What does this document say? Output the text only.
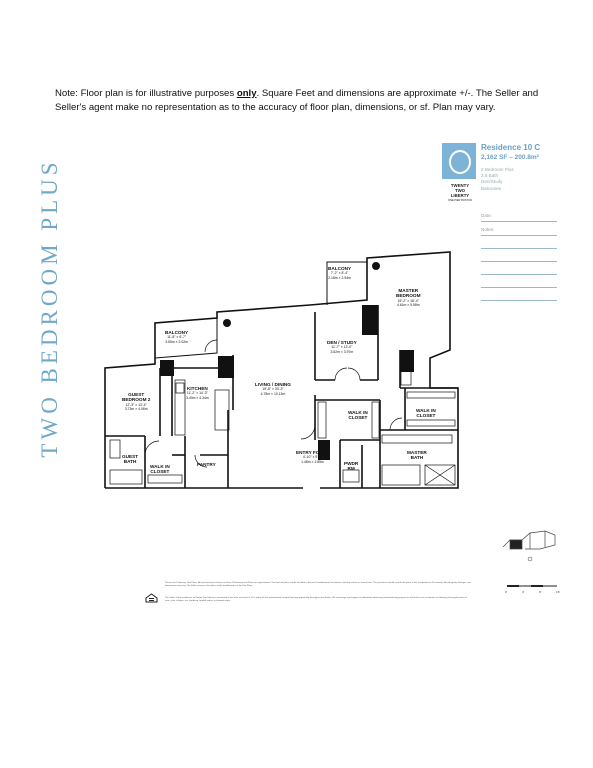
Note: Floor plan is for illustrative purposes only. Square Feet and dimensions are approximate +/-. The Seller and Seller's agent make no representation as to the accuracy of floor plan, dimensions, or sf. Plan may vary.
TWO BEDROOM PLUS	TWENTY
TWO
LIBERTY
ONE PIER BOSTON
Residence 10 C
2,162 SF – 200.8m²
2 Bedroom Plus
2.5 Bath
Den/Study
Balconies
Date:
Notes:
BALCONY
7'-2" × 8'-4"
2.18m × 2.54m
MASTER
BEDROOM
15'-2" × 18'-4"
4.61m × 5.58m
BALCONY
11'-8" × 6'-7"
3.55m × 2.02m	DEN / STUDY
11'-7" × 13'-0"
3.52m × 3.97m
GUEST
BEDROOM 2
12'-3" × 13'-4"
3.73m × 4.06m
KITCHEN
11'-2" × 14'-3"
3.40m × 4.34m
LIVING / DINING
15'-8" × 33'-3"
4.78m × 10.13m
WALK IN
CLOSET
WALK IN
CLOSET
GUEST
BATH
WALK IN
CLOSET
PANTRY
ENTRY FOYER
4'-10" × 9'-4"
1.48m × 2.85m	PWDR
RM
MASTER
BATH
0'	4'	8'	16'
These are Preliminary Unit Plans. All measurements shown on these Preliminary Unit Plans are approximate. The final unit plans will be included in the final Condominium Documents and may not be as shown here. The purchaser should consult the plans in the Condominium Documents. Actual square footages and dimensions may vary. The Seller reserves the right to make modifications in the Unit Plans.
The Seller of the residences at Twenty Two Liberty is committed to the letter and spirit of U.S. policy for the achievement of equal housing opportunity throughout the Nation. We encourage and support an affirmative advertising and marketing program in which there are no barriers to obtaining housing because of race, color, religion, sex, handicap, familial status, or national origin.
